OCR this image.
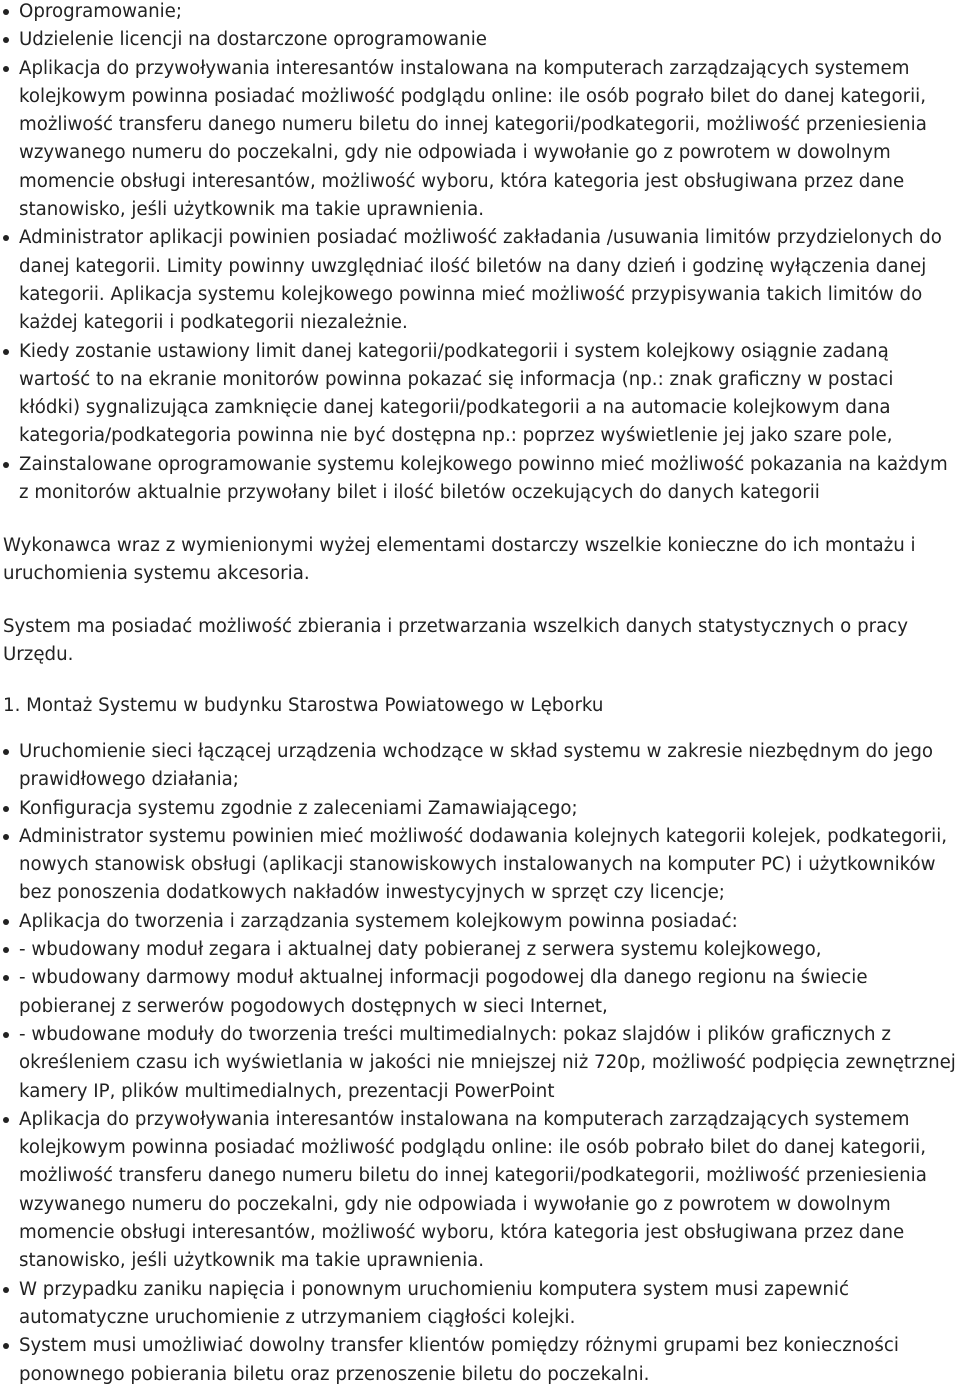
Oprogramowanie;
Udzielenie licencji na dostarczone oprogramowanie
Aplikacja do przywoływania interesantów instalowana na komputerach zarządzających systemem kolejkowym powinna posiadać możliwość podglądu online: ile osób pograło bilet do danej kategorii, możliwość transferu danego numeru biletu do innej kategorii/podkategorii, możliwość przeniesienia wzywanego numeru do poczekalni, gdy nie odpowiada i wywołanie go z powrotem w dowolnym momencie obsługi interesantów, możliwość wyboru, która kategoria jest obsługiwana przez dane stanowisko, jeśli użytkownik ma takie uprawnienia.
Administrator aplikacji powinien posiadać możliwość zakładania /usuwania limitów przydzielonych do danej kategorii. Limity powinny uwzględniać ilość biletów na dany dzień i godzinę wyłączenia danej kategorii. Aplikacja systemu kolejkowego powinna mieć możliwość przypisywania takich limitów do każdej kategorii i podkategorii niezależnie.
Kiedy zostanie ustawiony limit danej kategorii/podkategorii i system kolejkowy osiągnie zadaną wartość to na ekranie monitorów powinna pokazać się informacja (np.: znak graficzny w postaci kłódki) sygnalizująca zamknięcie danej kategorii/podkategorii a na automacie kolejkowym dana kategoria/podkategoria powinna nie być dostępna np.: poprzez wyświetlenie jej jako szare pole,
Zainstalowane oprogramowanie systemu kolejkowego powinno mieć możliwość pokazania na każdym z monitorów aktualnie przywołany bilet i ilość biletów oczekujących do danych kategorii

Wykonawca wraz z wymienionymi wyżej elementami dostarczy wszelkie konieczne do ich montażu i uruchomienia systemu akcesoria.

System ma posiadać możliwość zbierania i przetwarzania wszelkich danych statystycznych o pracy Urzędu.

1. Montaż Systemu w budynku Starostwa Powiatowego w Lęborku

Uruchomienie sieci łączącej urządzenia wchodzące w skład systemu w zakresie niezbędnym do jego prawidłowego działania;
Konfiguracja systemu zgodnie z zaleceniami Zamawiającego;
Administrator systemu powinien mieć możliwość dodawania kolejnych kategorii kolejek, podkategorii, nowych stanowisk obsługi (aplikacji stanowiskowych instalowanych na komputer PC) i użytkowników bez ponoszenia dodatkowych nakładów inwestycyjnych w sprzęt czy licencje;
Aplikacja do tworzenia i zarządzania systemem kolejkowym powinna posiadać:
- wbudowany moduł zegara i aktualnej daty pobieranej z serwera systemu kolejkowego,
- wbudowany darmowy moduł aktualnej informacji pogodowej dla danego regionu na świecie pobieranej z serwerów pogodowych dostępnych w sieci Internet,
- wbudowane moduły do tworzenia treści multimedialnych: pokaz slajdów i plików graficznych z określeniem czasu ich wyświetlania w jakości nie mniejszej niż 720p, możliwość podpięcia zewnętrznej kamery IP, plików multimedialnych, prezentacji PowerPoint
Aplikacja do przywoływania interesantów instalowana na komputerach zarządzających systemem kolejkowym powinna posiadać możliwość podglądu online: ile osób pobrało bilet do danej kategorii, możliwość transferu danego numeru biletu do innej kategorii/podkategorii, możliwość przeniesienia wzywanego numeru do poczekalni, gdy nie odpowiada i wywołanie go z powrotem w dowolnym momencie obsługi interesantów, możliwość wyboru, która kategoria jest obsługiwana przez dane stanowisko, jeśli użytkownik ma takie uprawnienia.
W przypadku zaniku napięcia i ponownym uruchomieniu komputera system musi zapewnić automatyczne uruchomienie z utrzymaniem ciągłości kolejki.
System musi umożliwiać dowolny transfer klientów pomiędzy różnymi grupami bez konieczności ponownego pobierania biletu oraz przenoszenie biletu do poczekalni.
